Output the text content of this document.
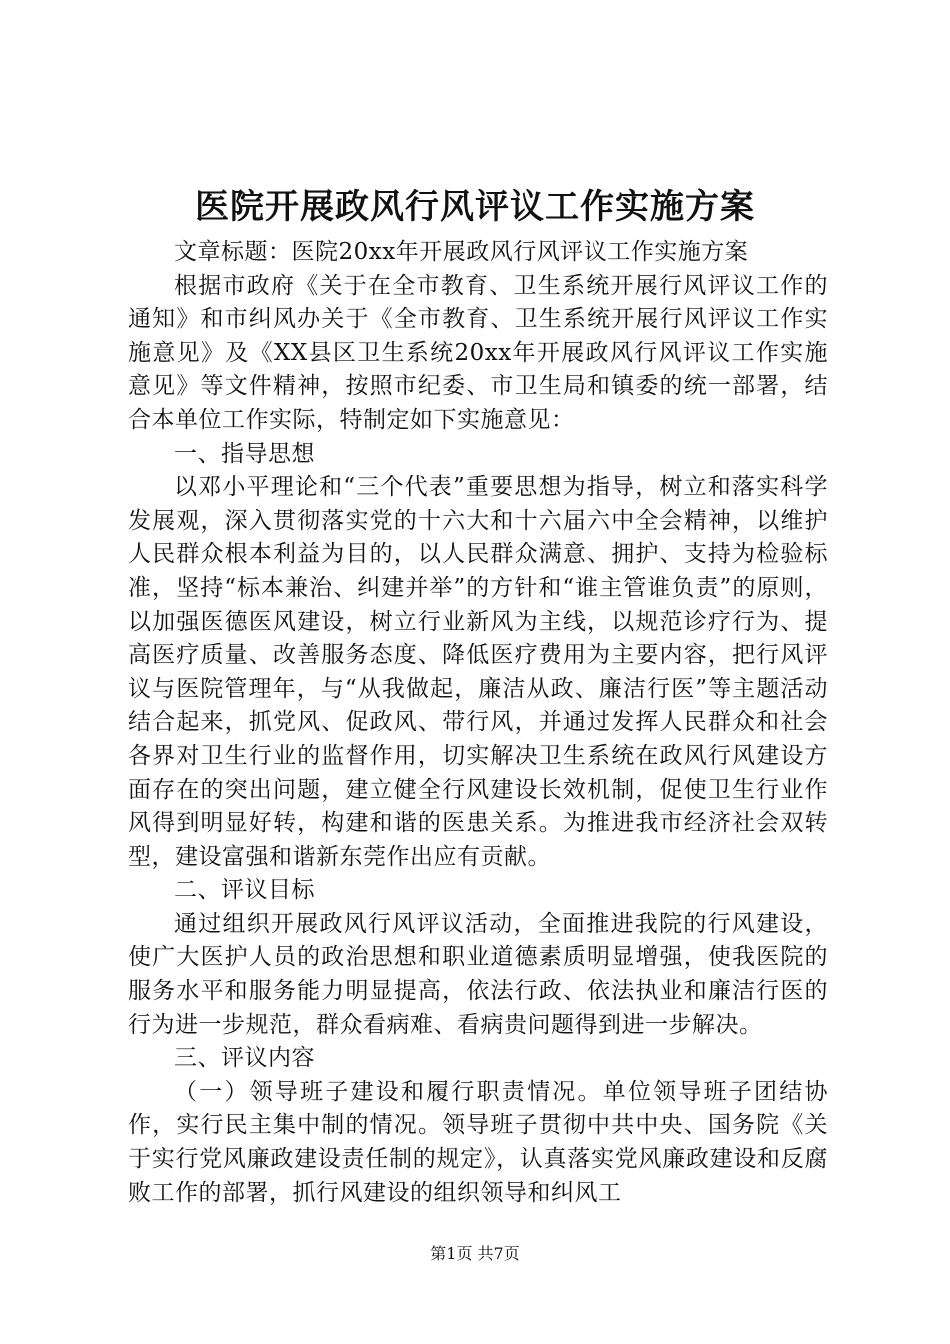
医院开展政风行风评议工作实施方案

文章标题：医院20xx年开展政风行风评议工作实施方案

根据市政府《关于在全市教育、卫生系统开展行风评议工作的通知》和市纠风办关于《全市教育、卫生系统开展行风评议工作实施意见》及《XX县区卫生系统20xx年开展政风行风评议工作实施意见》等文件精神，按照市纪委、市卫生局和镇委的统一部署，结合本单位工作实际，特制定如下实施意见：

一、指导思想

以邓小平理论和“三个代表”重要思想为指导，树立和落实科学发展观，深入贯彻落实党的十六大和十六届六中全会精神，以维护人民群众根本利益为目的，以人民群众满意、拥护、支持为检验标准，坚持“标本兼治、纠建并举”的方针和“谁主管谁负责”的原则，以加强医德医风建设，树立行业新风为主线，以规范诊疗行为、提高医疗质量、改善服务态度、降低医疗费用为主要内容，把行风评议与医院管理年，与“从我做起，廉洁从政、廉洁行医”等主题活动结合起来，抓党风、促政风、带行风，并通过发挥人民群众和社会各界对卫生行业的监督作用，切实解决卫生系统在政风行风建设方面存在的突出问题，建立健全行风建设长效机制，促使卫生行业作风得到明显好转，构建和谐的医患关系。为推进我市经济社会双转型，建设富强和谐新东莞作出应有贡献。

二、评议目标

通过组织开展政风行风评议活动，全面推进我院的行风建设，使广大医护人员的政治思想和职业道德素质明显增强，使我医院的服务水平和服务能力明显提高，依法行政、依法执业和廉洁行医的行为进一步规范，群众看病难、看病贵问题得到进一步解决。

三、评议内容

（一）领导班子建设和履行职责情况。单位领导班子团结协作，实行民主集中制的情况。领导班子贯彻中共中央、国务院《关于实行党风廉政建设责任制的规定》，认真落实党风廉政建设和反腐败工作的部署，抓行风建设的组织领导和纠风工

第1页 共7页
